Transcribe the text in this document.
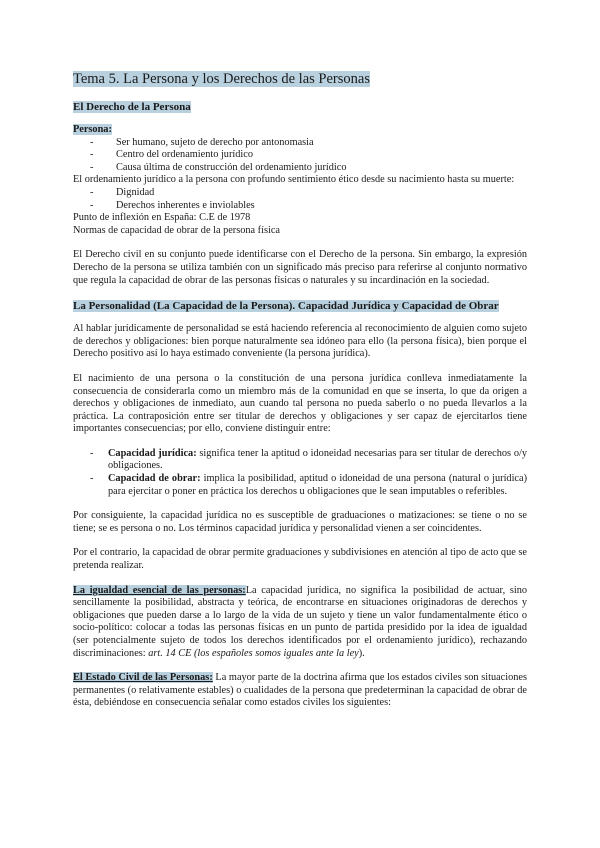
Tema 5. La Persona y los Derechos de las Personas
El Derecho de la Persona
Persona:
- Ser humano, sujeto de derecho por antonomasia
- Centro del ordenamiento jurídico
- Causa última de construcción del ordenamiento jurídico

El ordenamiento jurídico a la persona con profundo sentimiento ético desde su nacimiento hasta su muerte:

- Dignidad
- Derechos inherentes e inviolables

Punto de inflexión en España: C.E de 1978

Normas de capacidad de obrar de la persona física

El Derecho civil en su conjunto puede identificarse con el Derecho de la persona. Sin embargo, la expresión Derecho de la persona se utiliza también con un significado más preciso para referirse al conjunto normativo que regula la capacidad de obrar de las personas físicas o naturales y su incardinación en la sociedad.

La Personalidad (La Capacidad de la Persona). Capacidad Jurídica y Capacidad de Obrar

Al hablar jurídicamente de personalidad se está haciendo referencia al reconocimiento de alguien como sujeto de derechos y obligaciones: bien porque naturalmente sea idóneo para ello (la persona física), bien porque el Derecho positivo así lo haya estimado conveniente (la persona jurídica).

El nacimiento de una persona o la constitución de una persona jurídica conlleva inmediatamente la consecuencia de considerarla como un miembro más de la comunidad en que se inserta, lo que da origen a derechos y obligaciones de inmediato, aun cuando tal persona no pueda saberlo o no pueda llevarlos a la práctica. La contraposición entre ser titular de derechos y obligaciones y ser capaz de ejercitarlos tiene importantes consecuencias; por ello, conviene distinguir entre:

- Capacidad jurídica: significa tener la aptitud o idoneidad necesarias para ser titular de derechos o/y obligaciones.
- Capacidad de obrar: implica la posibilidad, aptitud o idoneidad de una persona (natural o jurídica) para ejercitar o poner en práctica los derechos u obligaciones que le sean imputables o referibles.

Por consiguiente, la capacidad jurídica no es susceptible de graduaciones o matizaciones: se tiene o no se tiene; se es persona o no. Los términos capacidad jurídica y personalidad vienen a ser coincidentes.

Por el contrario, la capacidad de obrar permite graduaciones y subdivisiones en atención al tipo de acto que se pretenda realizar.

La igualdad esencial de las personas:La capacidad jurídica, no significa la posibilidad de actuar, sino sencillamente la posibilidad, abstracta y teórica, de encontrarse en situaciones originadoras de derechos y obligaciones que pueden darse a lo largo de la vida de un sujeto y tiene un valor fundamentalmente ético o socio-político: colocar a todas las personas físicas en un punto de partida presidido por la idea de igualdad (ser potencialmente sujeto de todos los derechos identificados por el ordenamiento jurídico), rechazando discriminaciones: art. 14 CE (los españoles somos iguales ante la ley).

El Estado Civil de las Personas: La mayor parte de la doctrina afirma que los estados civiles son situaciones permanentes (o relativamente estables) o cualidades de la persona que predeterminan la capacidad de obrar de ésta, debiéndose en consecuencia señalar como estados civiles los siguientes:
